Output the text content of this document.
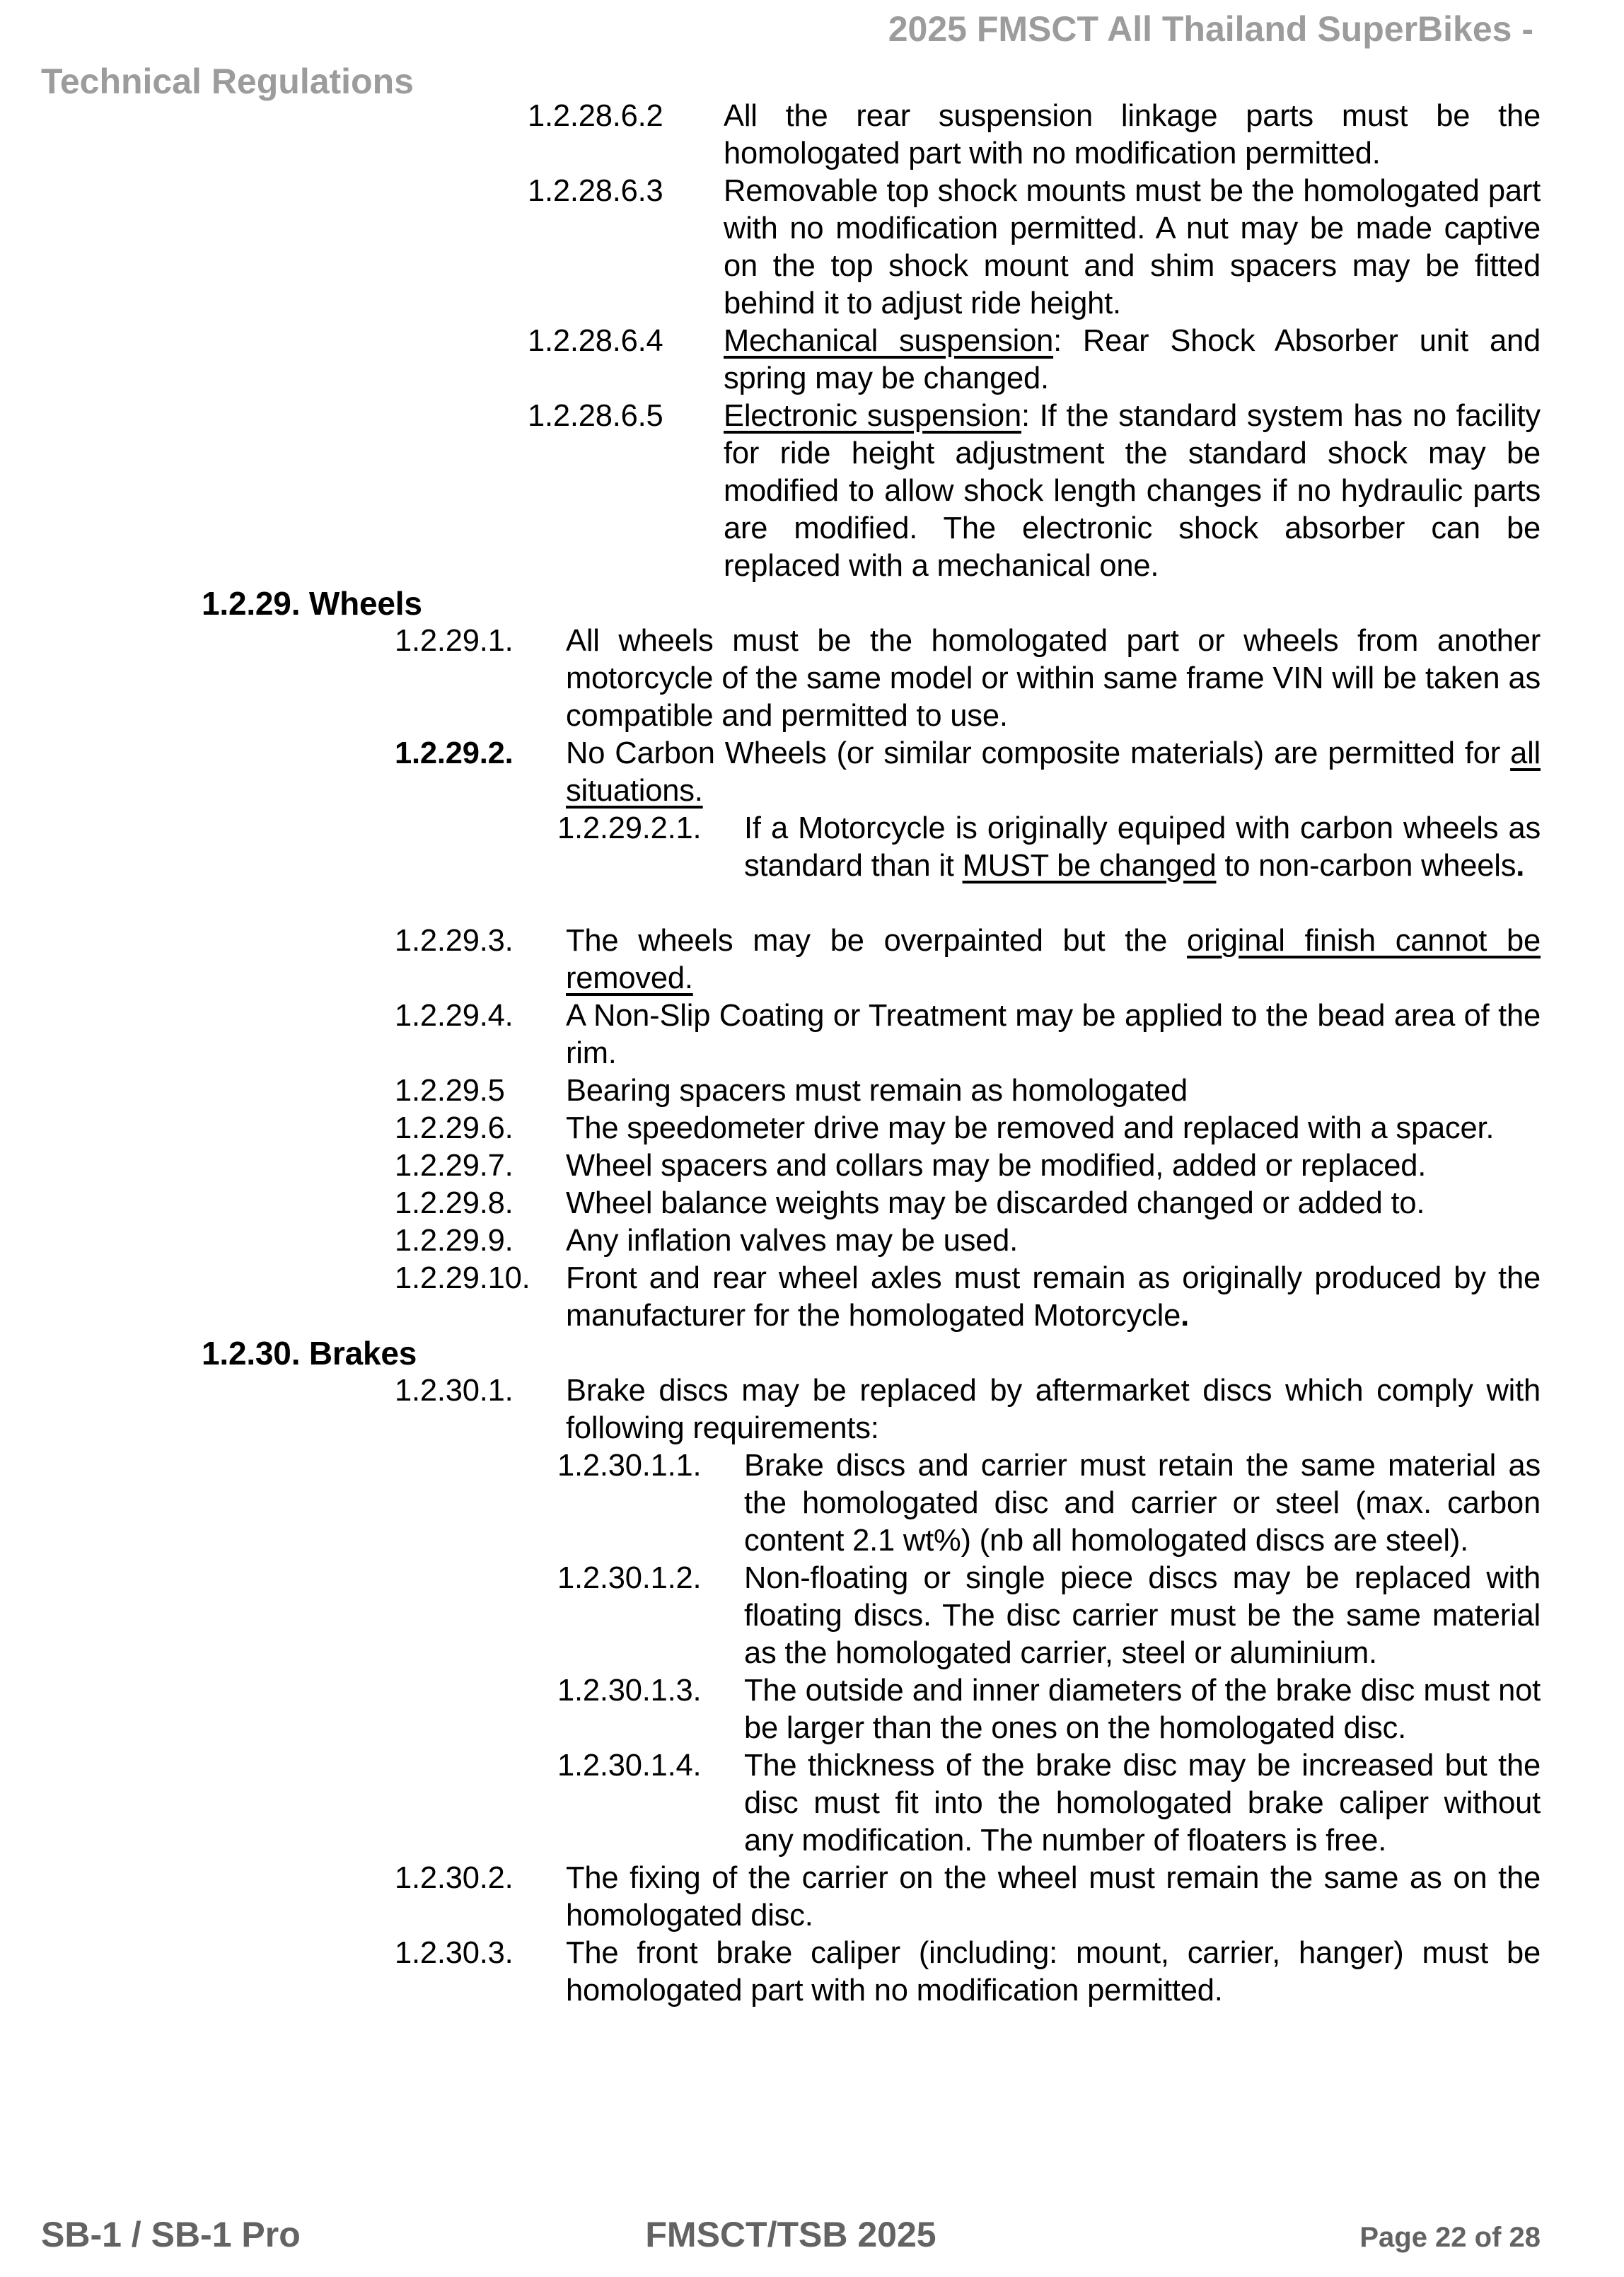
2025 FMSCT All Thailand SuperBikes -
Technical Regulations
1.2.28.6.2 All the rear suspension linkage parts must be the homologated part with no modification permitted.
1.2.28.6.3 Removable top shock mounts must be the homologated part with no modification permitted. A nut may be made captive on the top shock mount and shim spacers may be fitted behind it to adjust ride height.
1.2.28.6.4 Mechanical suspension: Rear Shock Absorber unit and spring may be changed.
1.2.28.6.5 Electronic suspension: If the standard system has no facility for ride height adjustment the standard shock may be modified to allow shock length changes if no hydraulic parts are modified. The electronic shock absorber can be replaced with a mechanical one.
1.2.29. Wheels
1.2.29.1. All wheels must be the homologated part or wheels from another motorcycle of the same model or within same frame VIN will be taken as compatible and permitted to use.
1.2.29.2. No Carbon Wheels (or similar composite materials) are permitted for all situations.
1.2.29.2.1. If a Motorcycle is originally equiped with carbon wheels as standard than it MUST be changed to non-carbon wheels.
1.2.29.3. The wheels may be overpainted but the original finish cannot be removed.
1.2.29.4. A Non-Slip Coating or Treatment may be applied to the bead area of the rim.
1.2.29.5 Bearing spacers must remain as homologated
1.2.29.6. The speedometer drive may be removed and replaced with a spacer.
1.2.29.7. Wheel spacers and collars may be modified, added or replaced.
1.2.29.8. Wheel balance weights may be discarded changed or added to.
1.2.29.9. Any inflation valves may be used.
1.2.29.10. Front and rear wheel axles must remain as originally produced by the manufacturer for the homologated Motorcycle.
1.2.30. Brakes
1.2.30.1. Brake discs may be replaced by aftermarket discs which comply with following requirements:
1.2.30.1.1. Brake discs and carrier must retain the same material as the homologated disc and carrier or steel (max. carbon content 2.1 wt%) (nb all homologated discs are steel).
1.2.30.1.2. Non-floating or single piece discs may be replaced with floating discs. The disc carrier must be the same material as the homologated carrier, steel or aluminium.
1.2.30.1.3. The outside and inner diameters of the brake disc must not be larger than the ones on the homologated disc.
1.2.30.1.4. The thickness of the brake disc may be increased but the disc must fit into the homologated brake caliper without any modification. The number of floaters is free.
1.2.30.2. The fixing of the carrier on the wheel must remain the same as on the homologated disc.
1.2.30.3. The front brake caliper (including: mount, carrier, hanger) must be homologated part with no modification permitted.
SB-1 / SB-1 Pro	FMSCT/TSB 2025	Page 22 of 28
